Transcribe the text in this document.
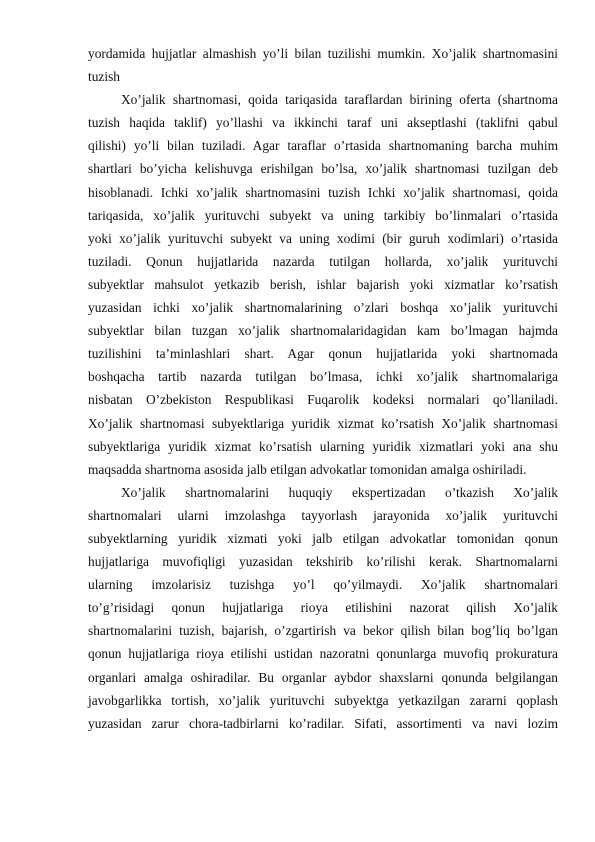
yordamida hujjatlar almashish yo’li bilan tuzilishi mumkin. Xo’jalik shartnomasini
tuzish
Xo’jalik shartnomasi, qoida tariqasida taraflardan birining oferta (shartnoma
tuzish haqida taklif) yo’llashi va ikkinchi taraf uni akseptlashi (taklifni qabul
qilishi) yo’li bilan tuziladi. Agar taraflar o’rtasida shartnomaning barcha muhim
shartlari bo’yicha kelishuvga erishilgan bo’lsa, xo’jalik shartnomasi tuzilgan deb
hisoblanadi. Ichki xo’jalik shartnomasini tuzish Ichki xo’jalik shartnomasi, qoida
tariqasida, xo’jalik yurituvchi subyekt va uning tarkibiy bo’linmalari o’rtasida
yoki xo’jalik yurituvchi subyekt va uning xodimi (bir guruh xodimlari) o’rtasida
tuziladi. Qonun hujjatlarida nazarda tutilgan hollarda, xo’jalik yurituvchi
subyektlar mahsulot yetkazib berish, ishlar bajarish yoki xizmatlar ko’rsatish
yuzasidan ichki xo’jalik shartnomalarining o’zlari boshqa xo’jalik yurituvchi
subyektlar bilan tuzgan xo’jalik shartnomalaridagidan kam bo’lmagan hajmda
tuzilishini ta’minlashlari shart. Agar qonun hujjatlarida yoki shartnomada
boshqacha tartib nazarda tutilgan bo’lmasa, ichki xo’jalik shartnomalariga
nisbatan O’zbekiston Respublikasi Fuqarolik kodeksi normalari qo’llaniladi.
Xo’jalik shartnomasi subyektlariga yuridik xizmat ko’rsatish Xo’jalik shartnomasi
subyektlariga yuridik xizmat ko’rsatish ularning yuridik xizmatlari yoki ana shu
maqsadda shartnoma asosida jalb etilgan advokatlar tomonidan amalga oshiriladi.
Xo’jalik shartnomalarini huquqiy ekspertizadan o’tkazish Xo’jalik
shartnomalari ularni imzolashga tayyorlash jarayonida xo’jalik yurituvchi
subyektlarning yuridik xizmati yoki jalb etilgan advokatlar tomonidan qonun
hujjatlariga muvofiqligi yuzasidan tekshirib ko’rilishi kerak. Shartnomalarni
ularning imzolarisiz tuzishga yo’l qo’yilmaydi. Xo’jalik shartnomalari
to’g’risidagi qonun hujjatlariga rioya etilishini nazorat qilish Xo’jalik
shartnomalarini tuzish, bajarish, o’zgartirish va bekor qilish bilan bog’liq bo’lgan
qonun hujjatlariga rioya etilishi ustidan nazoratni qonunlarga muvofiq prokuratura
organlari amalga oshiradilar. Bu organlar aybdor shaxslarni qonunda belgilangan
javobgarlikka tortish, xo’jalik yurituvchi subyektga yetkazilgan zararni qoplash
yuzasidan zarur chora-tadbirlarni ko’radilar. Sifati, assortimenti va navi lozim
